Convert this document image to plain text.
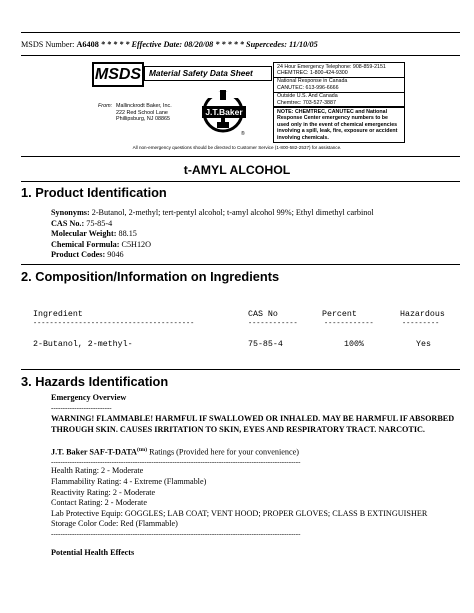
MSDS Number: A6408 * * * * * Effective Date: 08/20/08 * * * * * Supercedes: 11/10/05
MSDS Material Safety Data Sheet
From: Mallinckrodt Baker, Inc.
222 Red School Lane
Phillipsburg, NJ 08865
®
J.T.Baker
24 Hour Emergency Telephone: 908-859-2151
CHEMTREC: 1-800-424-9300
National Response in Canada
CANUTEC: 613-996-6666
Outside U.S. And Canada
Chemtrec: 703-527-3887
NOTE: CHEMTREC, CANUTEC and National Response Center emergency numbers to be used only in the event of chemical emergencies involving a spill, leak, fire, exposure or accident involving chemicals.
All non-emergency questions should be directed to Customer Service (1-800-582-2537) for assistance.
t-AMYL ALCOHOL
1. Product Identification
Synonyms: 2-Butanol, 2-methyl; tert-pentyl alcohol; t-amyl alcohol 99%; Ethyl dimethyl carbinol
CAS No.: 75-85-4
Molecular Weight: 88.15
Chemical Formula: C5H12O
Product Codes: 9046
2. Composition/Information on Ingredients
Ingredient	CAS No	Percent	Hazardous
---------------------------------------	------------	------------	---------
2-Butanol, 2-methyl-	75-85-4	100%	Yes
3. Hazards Identification
Emergency Overview
--------------------------
WARNING! FLAMMABLE! HARMFUL IF SWALLOWED OR INHALED. MAY BE HARMFUL IF ABSORBED THROUGH SKIN. CAUSES IRRITATION TO SKIN, EYES AND RESPIRATORY TRACT. NARCOTIC.
J.T. Baker SAF-$T-DATA^{(tm)}$ Ratings (Provided here for your convenience)
-----------------------------------------------------------------------------------------------------------
Health Rating: 2 - Moderate
Flammability Rating: 4 - Extreme (Flammable)
Reactivity Rating: 2 - Moderate
Contact Rating: 2 - Moderate
Lab Protective Equip: GOGGLES; LAB COAT; VENT HOOD; PROPER GLOVES; CLASS B EXTINGUISHER
Storage Color Code: Red (Flammable)
-----------------------------------------------------------------------------------------------------------
Potential Health Effects
